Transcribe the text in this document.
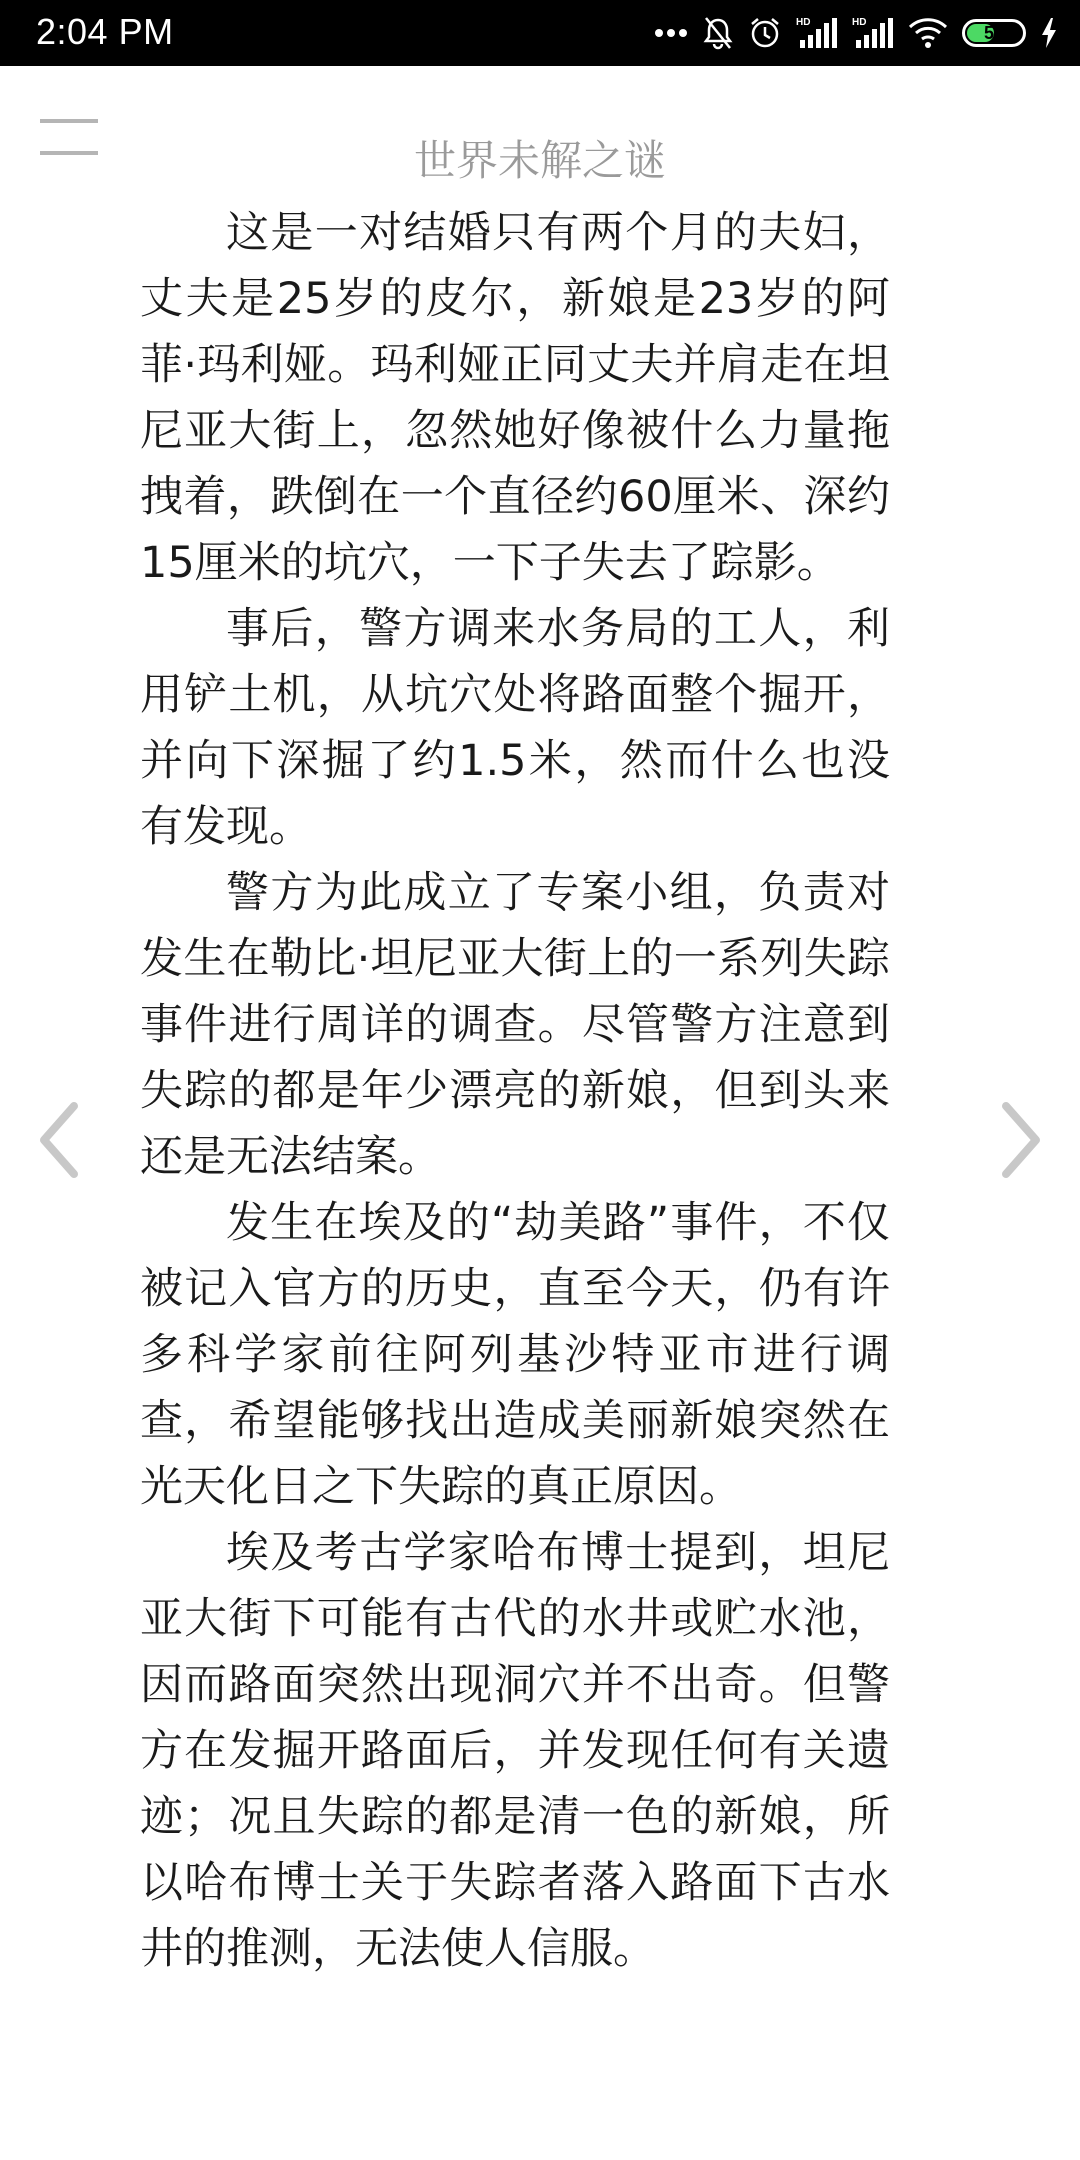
2:04 PM	HD	HD	53
世界未解之谜

这是一对结婚只有两个月的夫妇，丈夫是25岁的皮尔，新娘是23岁的阿菲·玛利娅。玛利娅正同丈夫并肩走在坦尼亚大街上，忽然她好像被什么力量拖拽着，跌倒在一个直径约60厘米、深约15厘米的坑穴，一下子失去了踪影。

事后，警方调来水务局的工人，利用铲土机，从坑穴处将路面整个掘开，并向下深掘了约1.5米，然而什么也没有发现。

警方为此成立了专案小组，负责对发生在勒比·坦尼亚大街上的一系列失踪事件进行周详的调查。尽管警方注意到失踪的都是年少漂亮的新娘，但到头来还是无法结案。

发生在埃及的“劫美路”事件，不仅被记入官方的历史，直至今天，仍有许多科学家前往阿列基沙特亚市进行调查，希望能够找出造成美丽新娘突然在光天化日之下失踪的真正原因。

埃及考古学家哈布博士提到，坦尼亚大街下可能有古代的水井或贮水池，因而路面突然出现洞穴并不出奇。但警方在发掘开路面后，并发现任何有关遗迹；况且失踪的都是清一色的新娘，所以哈布博士关于失踪者落入路面下古水井的推测，无法使人信服。
